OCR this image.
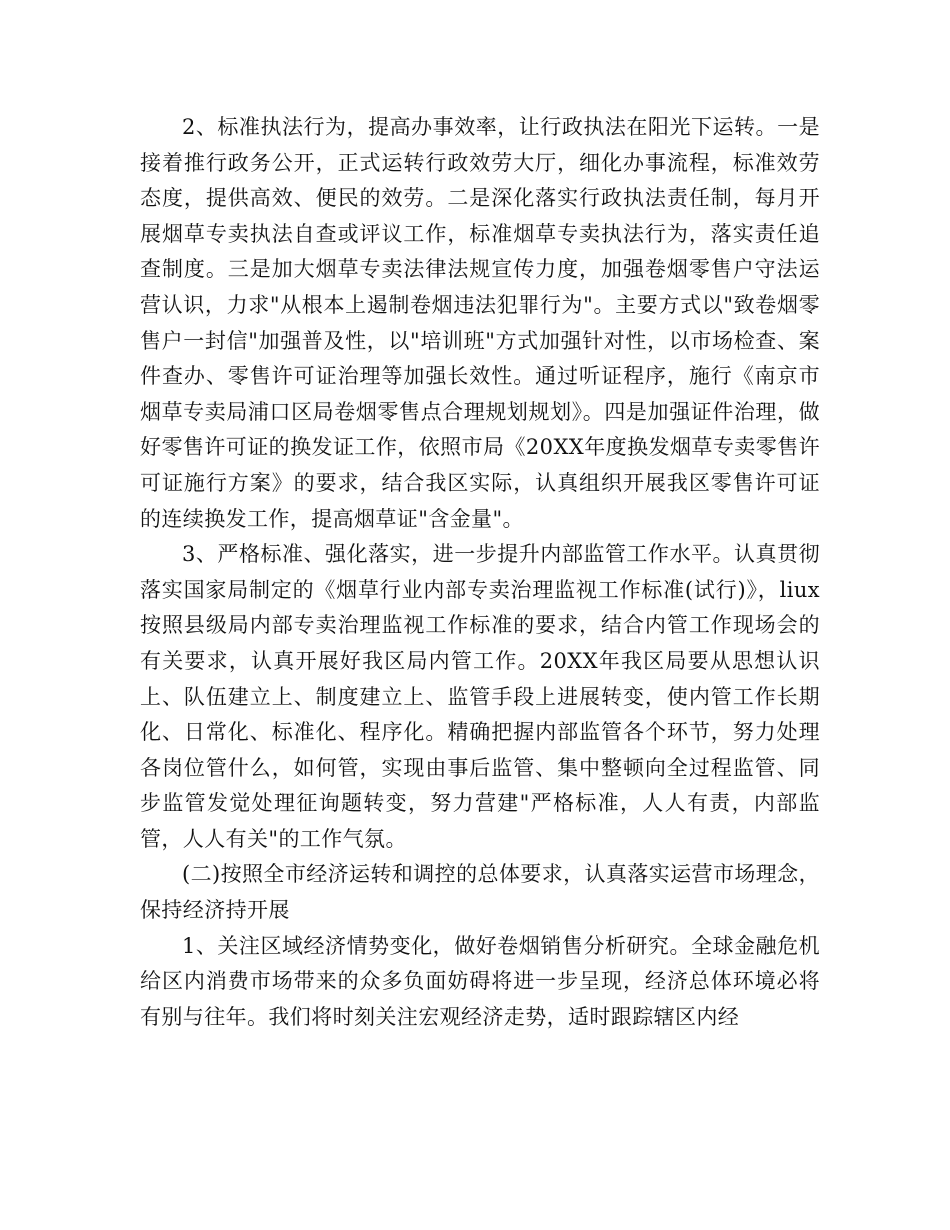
2、标准执法行为，提高办事效率，让行政执法在阳光下运转。一是接着推行政务公开，正式运转行政效劳大厅，细化办事流程，标准效劳态度，提供高效、便民的效劳。二是深化落实行政执法责任制，每月开展烟草专卖执法自查或评议工作，标准烟草专卖执法行为，落实责任追查制度。三是加大烟草专卖法律法规宣传力度，加强卷烟零售户守法运营认识，力求"从根本上遏制卷烟违法犯罪行为"。主要方式以"致卷烟零售户一封信"加强普及性，以"培训班"方式加强针对性，以市场检查、案件查办、零售许可证治理等加强长效性。通过听证程序，施行《南京市烟草专卖局浦口区局卷烟零售点合理规划规划》。四是加强证件治理，做好零售许可证的换发证工作，依照市局《20XX年度换发烟草专卖零售许可证施行方案》的要求，结合我区实际，认真组织开展我区零售许可证的连续换发工作，提高烟草证"含金量"。

3、严格标准、强化落实，进一步提升内部监管工作水平。认真贯彻落实国家局制定的《烟草行业内部专卖治理监视工作标准(试行)》，liux按照县级局内部专卖治理监视工作标准的要求，结合内管工作现场会的有关要求，认真开展好我区局内管工作。20XX年我区局要从思想认识上、队伍建立上、制度建立上、监管手段上进展转变，使内管工作长期化、日常化、标准化、程序化。精确把握内部监管各个环节，努力处理各岗位管什么，如何管，实现由事后监管、集中整顿向全过程监管、同步监管发觉处理征询题转变，努力营建"严格标准，人人有责，内部监管，人人有关"的工作气氛。

(二)按照全市经济运转和调控的总体要求，认真落实运营市场理念，保持经济持开展

1、关注区域经济情势变化，做好卷烟销售分析研究。全球金融危机给区内消费市场带来的众多负面妨碍将进一步呈现，经济总体环境必将有别与往年。我们将时刻关注宏观经济走势，适时跟踪辖区内经
